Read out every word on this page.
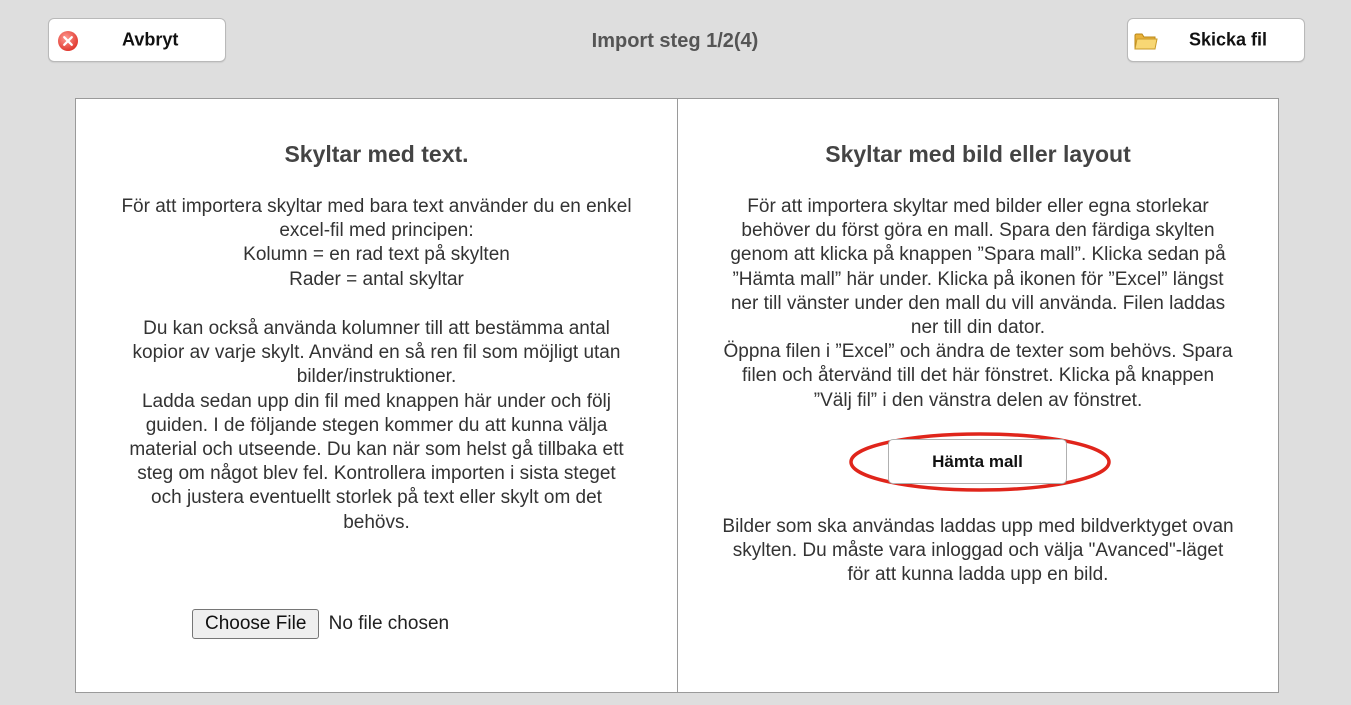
Avbryt	Import steg 1/2(4)	Skicka fil
Skyltar med text.
För att importera skyltar med bara text använder du en enkel
excel-fil med principen:
Kolumn = en rad text på skylten
Rader = antal skyltar
Du kan också använda kolumner till att bestämma antal
kopior av varje skylt. Använd en så ren fil som möjligt utan
bilder/instruktioner.
Ladda sedan upp din fil med knappen här under och följ
guiden. I de följande stegen kommer du att kunna välja
material och utseende. Du kan när som helst gå tillbaka ett
steg om något blev fel. Kontrollera importen i sista steget
och justera eventuellt storlek på text eller skylt om det
behövs.
Choose File No file chosen
Skyltar med bild eller layout
För att importera skyltar med bilder eller egna storlekar
behöver du först göra en mall. Spara den färdiga skylten
genom att klicka på knappen ”Spara mall”. Klicka sedan på
”Hämta mall” här under. Klicka på ikonen för ”Excel” längst
ner till vänster under den mall du vill använda. Filen laddas
ner till din dator.
Öppna filen i ”Excel” och ändra de texter som behövs. Spara
filen och återvänd till det här fönstret. Klicka på knappen
”Välj fil” i den vänstra delen av fönstret.
Hämta mall
Bilder som ska användas laddas upp med bildverktyget ovan
skylten. Du måste vara inloggad och välja "Avanced"-läget
för att kunna ladda upp en bild.
